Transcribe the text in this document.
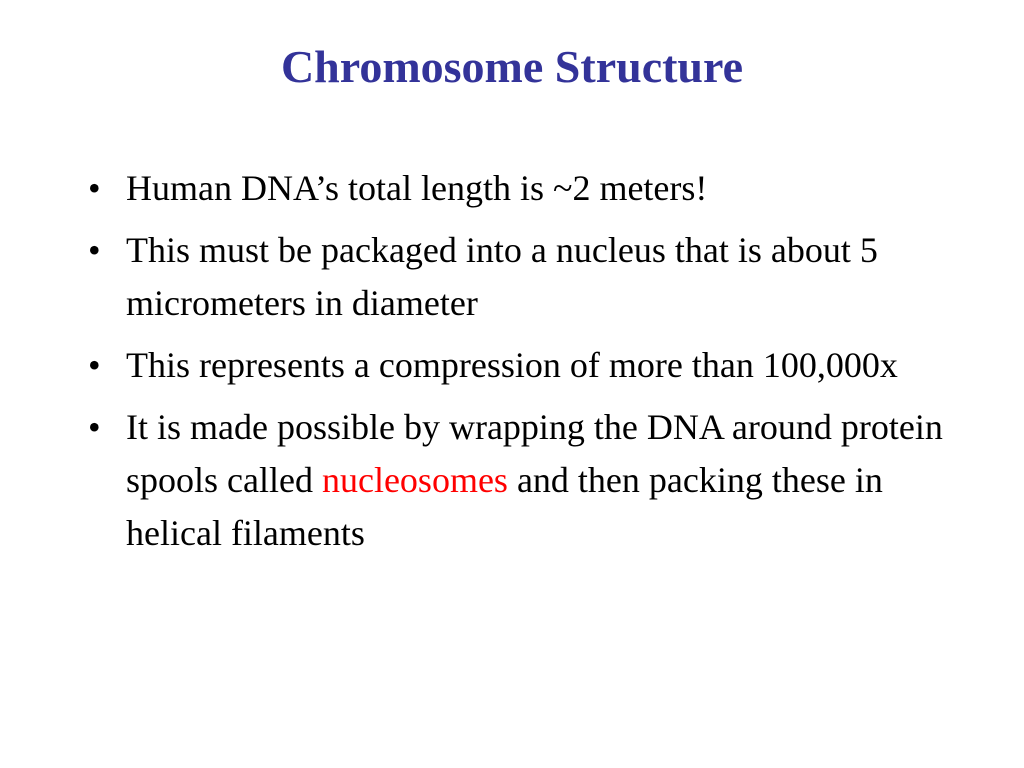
Chromosome Structure
• Human DNA’s total length is ~2 meters!
• This must be packaged into a nucleus that is about 5 micrometers in diameter
• This represents a compression of more than 100,000x
• It is made possible by wrapping the DNA around protein spools called nucleosomes and then packing these in helical filaments
